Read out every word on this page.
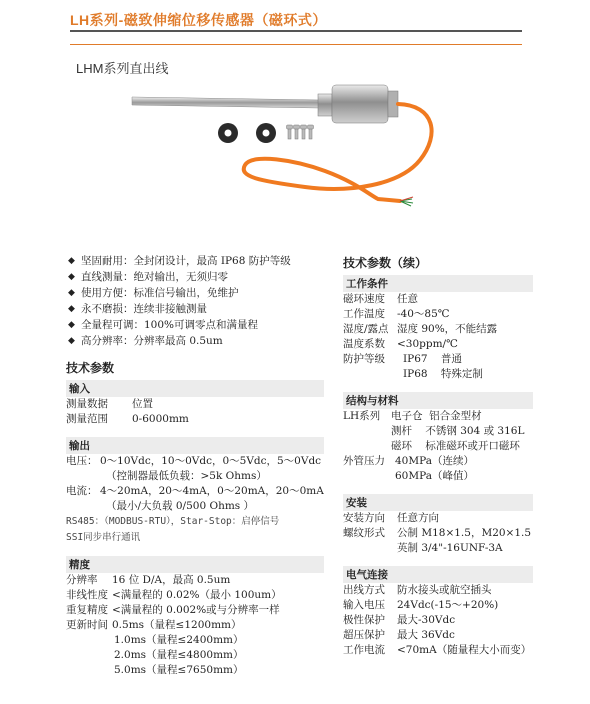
LH系列-磁致伸缩位移传感器（磁环式）
LHM系列直出线
◆ 坚固耐用：全封闭设计，最高 IP68 防护等级
◆ 直线测量：绝对输出，无须归零
◆ 使用方便：标准信号输出，免维护
◆ 永不磨损：连续非接触测量
◆ 全量程可调：100%可调零点和满量程
◆ 高分辨率：分辨率最高 0.5um
技术参数
输入
测量数据	位置
测量范围	0-6000mm
输出
电压： 0～10Vdc，10～0Vdc，0～5Vdc，5～0Vdc
（控制器最低负载：>5k Ohms）
电流： 4～20mA，20～4mA，0～20mA，20～0mA
（最小/大负载 0/500 Ohms ）
RS485：（MODBUS-RTU），Star-Stop：启停信号
SSI同步串行通讯
精度
分辨率	16 位 D/A，最高 0.5um
非线性度 <满量程的 0.02%（最小 100um）
重复精度 <满量程的 0.002%或与分辨率一样
更新时间 0.5ms（量程≤1200mm）
1.0ms（量程≤2400mm）
2.0ms（量程≤4800mm）
5.0ms（量程≤7650mm）
技术参数（续）
工作条件
磁环速度	任意
工作温度	-40～85℃
湿度/露点 湿度 90%，不能结露
温度系数	<30ppm/℃
防护等级	IP67    普通
IP68    特殊定制
结构与材料
LH系列	电子仓  铝合金型材
测杆    不锈钢 304 或 316L
磁环    标准磁环或开口磁环
外管压力 40MPa（连续）
60MPa（峰值）
安装
安装方向	任意方向
螺纹形式	公制 M18×1.5，M20×1.5
英制 3/4"-16UNF-3A
电气连接
出线方式	防水接头或航空插头
输入电压	24Vdc(-15～+20%)
极性保护	最大-30Vdc
超压保护	最大 36Vdc
工作电流	<70mA（随量程大小而变）
